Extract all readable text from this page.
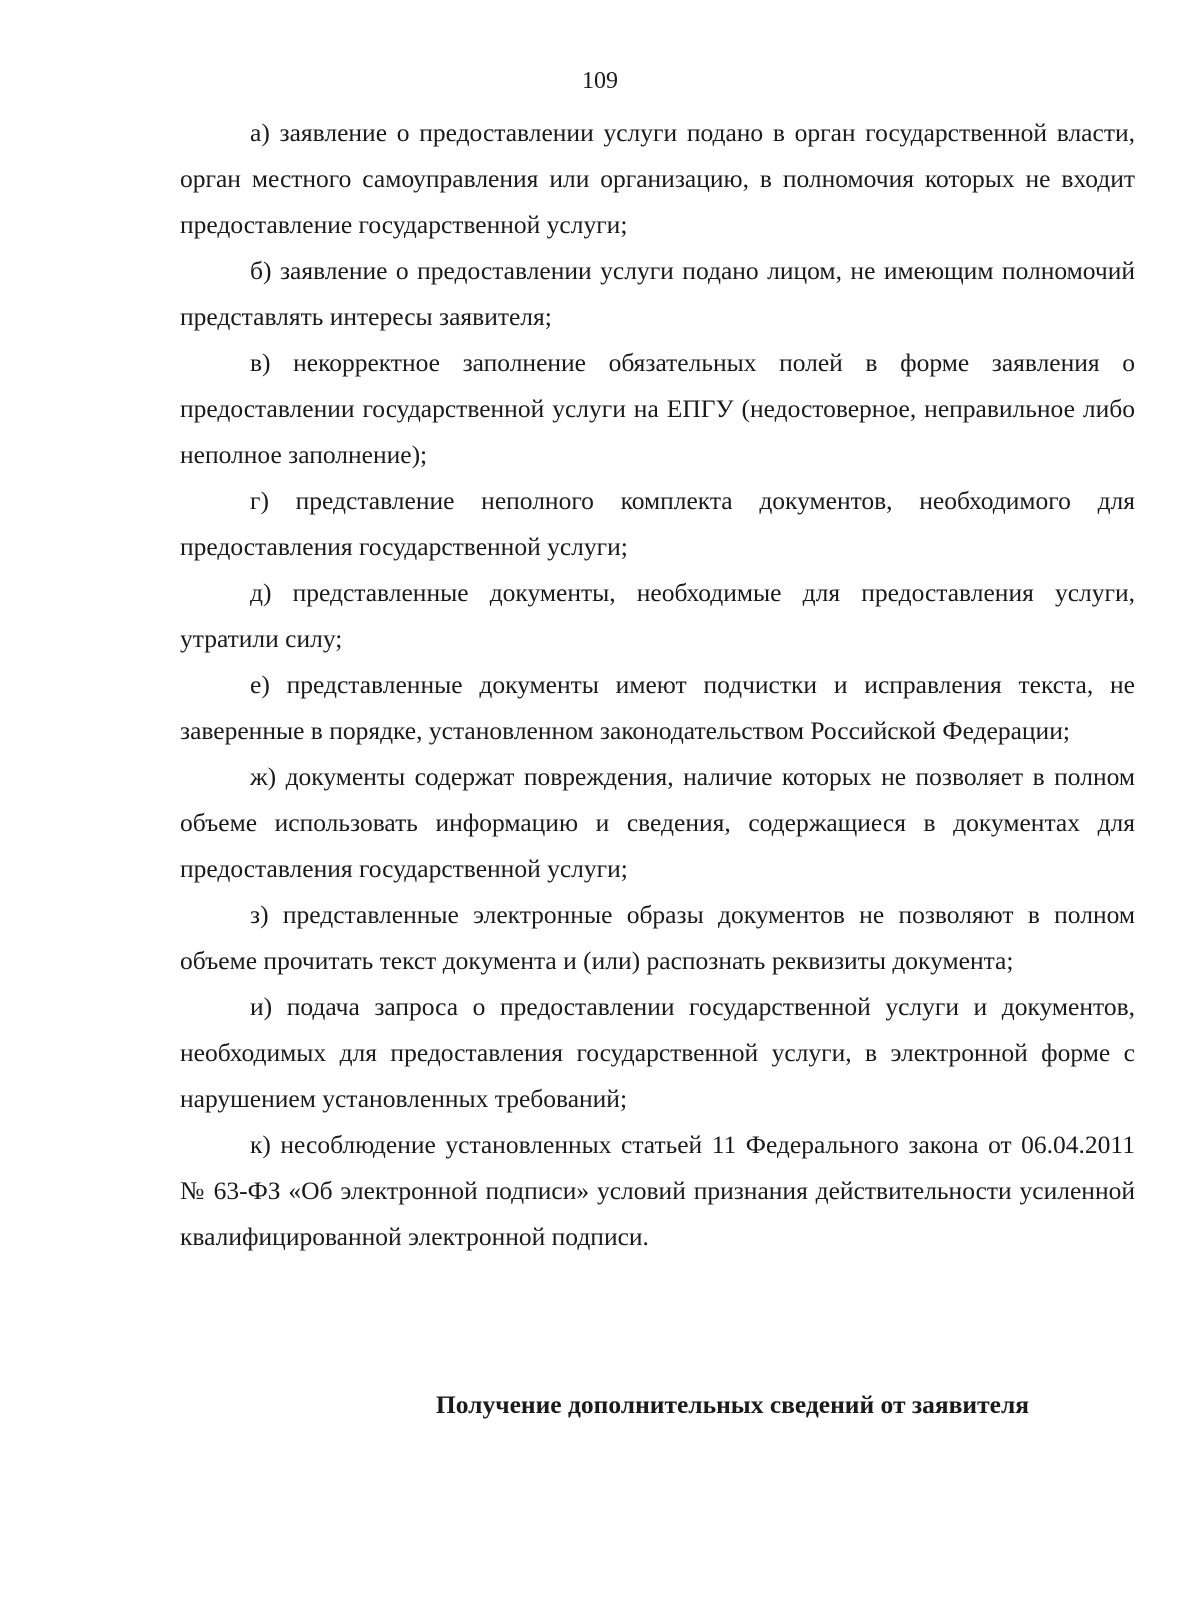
109

а) заявление о предоставлении услуги подано в орган государственной власти, орган местного самоуправления или организацию, в полномочия которых не входит предоставление государственной услуги;

б) заявление о предоставлении услуги подано лицом, не имеющим полномочий представлять интересы заявителя;

в) некорректное заполнение обязательных полей в форме заявления о предоставлении государственной услуги на ЕПГУ (недостоверное, неправильное либо неполное заполнение);

г) представление неполного комплекта документов, необходимого для предоставления государственной услуги;

д) представленные документы, необходимые для предоставления услуги, утратили силу;

е) представленные документы имеют подчистки и исправления текста, не заверенные в порядке, установленном законодательством Российской Федерации;

ж) документы содержат повреждения, наличие которых не позволяет в полном объеме использовать информацию и сведения, содержащиеся в документах для предоставления государственной услуги;

з) представленные электронные образы документов не позволяют в полном объеме прочитать текст документа и (или) распознать реквизиты документа;

и) подача запроса о предоставлении государственной услуги и документов, необходимых для предоставления государственной услуги, в электронной форме с нарушением установленных требований;

к) несоблюдение установленных статьей 11 Федерального закона от 06.04.2011 № 63-ФЗ «Об электронной подписи» условий признания действительности усиленной квалифицированной электронной подписи.

Получение дополнительных сведений от заявителя
